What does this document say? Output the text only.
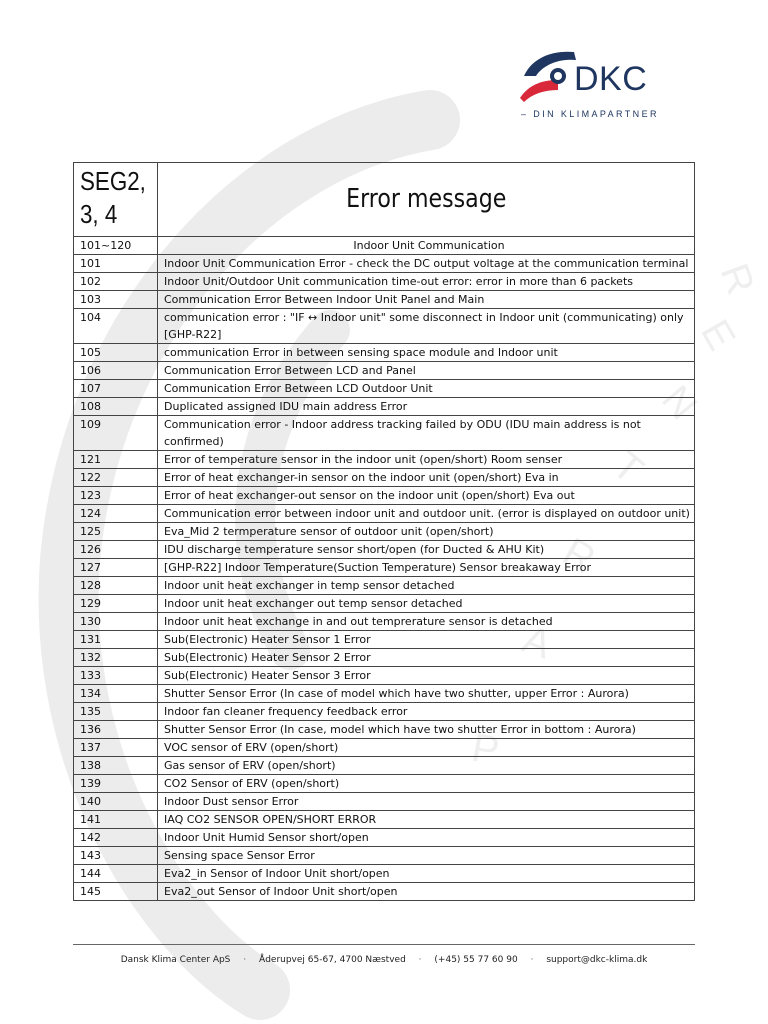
R
E
N
T
R
A
P
DKC
– DIN KLIMAPARTNER
SEG2, 3, 4	Error message
101~120	Indoor Unit Communication
101	Indoor Unit Communication Error - check the DC output voltage at the communication terminal
102	Indoor Unit/Outdoor Unit communication time-out error: error in more than 6 packets
103	Communication Error Between Indoor Unit Panel and Main
104	communication error : "IF ↔ Indoor unit" some disconnect in Indoor unit (communicating) only [GHP-R22]
105	communication Error in between sensing space module and Indoor unit
106	Communication Error Between LCD and Panel
107	Communication Error Between LCD Outdoor Unit
108	Duplicated assigned IDU main address Error
109	Communication error - Indoor address tracking failed by ODU (IDU main address is not confirmed)
121	Error of temperature sensor in the indoor unit (open/short) Room senser
122	Error of heat exchanger-in sensor on the indoor unit (open/short) Eva in
123	Error of heat exchanger-out sensor on the indoor unit (open/short) Eva out
124	Communication error between indoor unit and outdoor unit. (error is displayed on outdoor unit)
125	Eva_Mid 2 termperature sensor of outdoor unit (open/short)
126	IDU discharge temperature sensor short/open (for Ducted & AHU Kit)
127	[GHP-R22] Indoor Temperature(Suction Temperature) Sensor breakaway Error
128	Indoor unit heat exchanger in temp sensor detached
129	Indoor unit heat exchanger out temp sensor detached
130	Indoor unit heat exchange in and out temprerature sensor is detached
131	Sub(Electronic) Heater Sensor 1 Error
132	Sub(Electronic) Heater Sensor 2 Error
133	Sub(Electronic) Heater Sensor 3 Error
134	Shutter Sensor Error (In case of model which have two shutter, upper Error : Aurora)
135	Indoor fan cleaner frequency feedback error
136	Shutter Sensor Error (In case, model which have two shutter Error in bottom : Aurora)
137	VOC sensor of ERV (open/short)
138	Gas sensor of ERV (open/short)
139	CO2 Sensor of ERV (open/short)
140	Indoor Dust sensor Error
141	IAQ CO2 SENSOR OPEN/SHORT ERROR
142	Indoor Unit Humid Sensor short/open
143	Sensing space Sensor Error
144	Eva2_in Sensor of Indoor Unit short/open
145	Eva2_out Sensor of Indoor Unit short/open
Dansk Klima Center ApS · Åderupvej 65-67, 4700 Næstved · (+45) 55 77 60 90 · support@dkc-klima.dk
